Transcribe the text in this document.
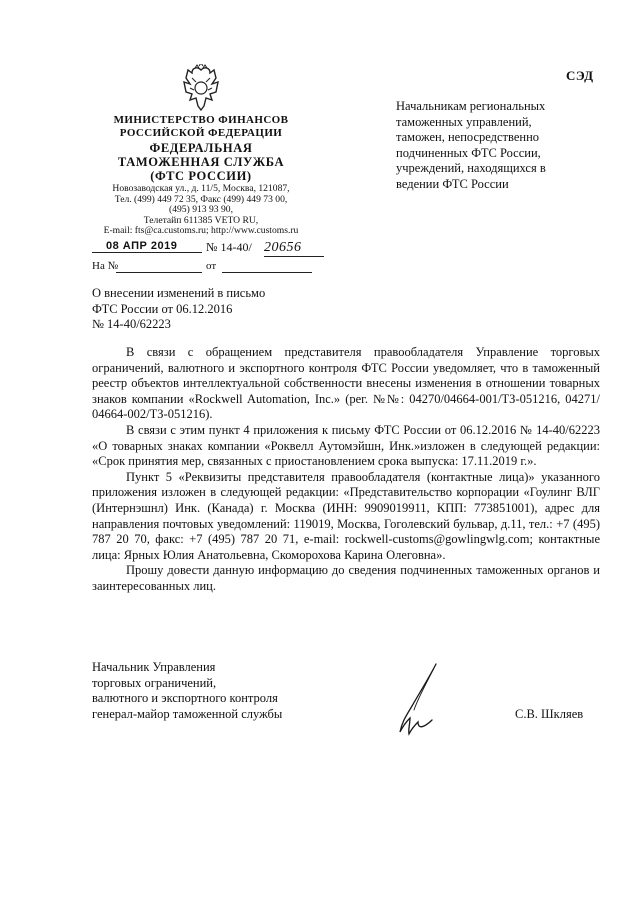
СЭД
МИНИСТЕРСТВО ФИНАНСОВ
РОССИЙСКОЙ ФЕДЕРАЦИИ
ФЕДЕРАЛЬНАЯ
ТАМОЖЕННАЯ СЛУЖБА
(ФТС РОССИИ)
Новозаводская ул., д. 11/5, Москва, 121087,
Тел. (499) 449 72 35, Факс (499) 449 73 00,
(495) 913 93 90,
Телетайп 611385 VETO RU,
E-mail: fts@ca.customs.ru; http://www.customs.ru
08 АПР 2019	№ 14-40/ 20656
На №	от
Начальникам региональных
таможенных управлений,
таможен, непосредственно
подчиненных ФТС России,
учреждений, находящихся в
ведении ФТС России
О внесении изменений в письмо
ФТС России от 06.12.2016
№ 14-40/62223

В связи с обращением представителя правообладателя Управление торговых ограничений, валютного и экспортного контроля ФТС России уведомляет, что в таможенный реестр объектов интеллектуальной собственности внесены изменения в отношении товарных знаков компании «Rockwell Automation, Inc.» (рег. №№: 04270/04664-001/ТЗ-051216, 04271/ 04664-002/ТЗ-051216).

В связи с этим пункт 4 приложения к письму ФТС России от 06.12.2016 № 14-40/62223 «О товарных знаках компании «Роквелл Аутомэйшн, Инк.»изложен в следующей редакции: «Срок принятия мер, связанных с приостановлением срока выпуска: 17.11.2019 г.».

Пункт 5 «Реквизиты представителя правообладателя (контактные лица)» указанного приложения изложен в следующей редакции: «Представительство корпорации «Гоулинг ВЛГ (Интернэшнл) Инк. (Канада) г. Москва (ИНН: 9909019911, КПП: 773851001), адрес для направления почтовых уведомлений: 119019, Москва, Гоголевский бульвар, д.11, тел.: +7 (495) 787 20 70, факс: +7 (495) 787 20 71, e-mail: rockwell-customs@gowlingwlg.com; контактные лица: Ярных Юлия Анатольевна, Скоморохова Карина Олеговна».

Прошу довести данную информацию до сведения подчиненных таможенных органов и заинтересованных лиц.

Начальник Управления
торговых ограничений,
валютного и экспортного контроля
генерал-майор таможенной службы	С.В. Шкляев
